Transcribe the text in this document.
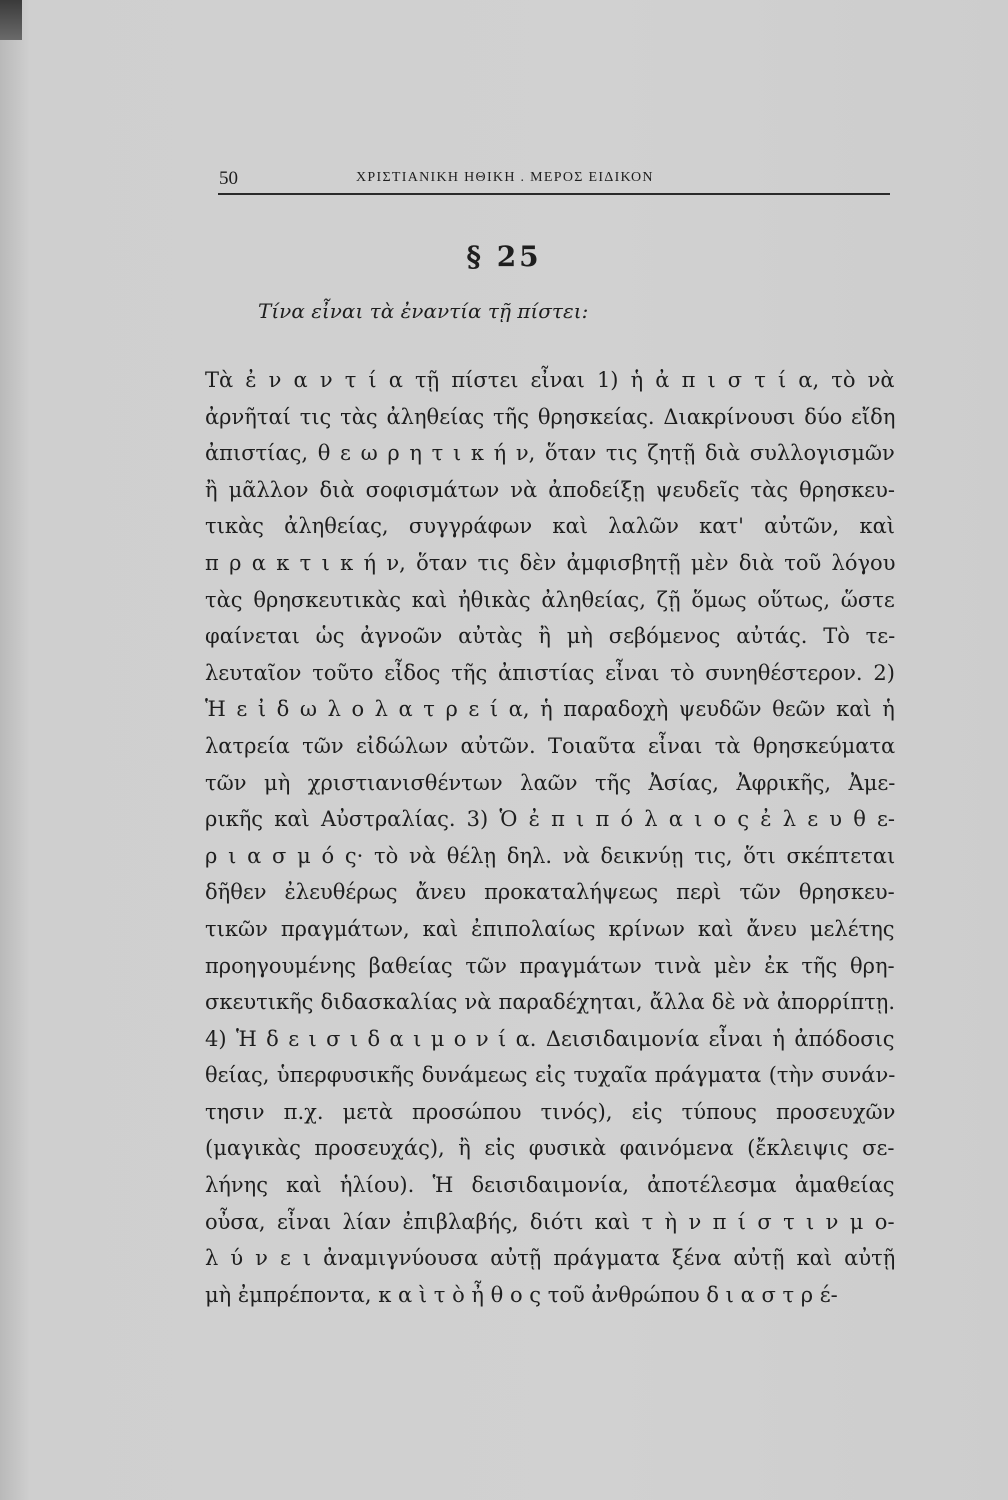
50	ΧΡΙΣΤΙΑΝΙΚΗ ΗΘΙΚΗ . ΜΕΡΟΣ ΕΙΔΙΚΟΝ
§ 25
Τίνα εἶναι τὰ ἐναντία τῇ πίστει:
Τὰ ἐ ν α ν τ ί α τῇ πίστει εἶναι 1) ἡ ἀ π ι σ τ ί α, τὸ νὰ
ἀρνῆταί τις τὰς ἀληθείας τῆς θρησκείας. Διακρίνουσι δύο εἴδη
ἀπιστίας, θ ε ω ρ η τ ι κ ή ν, ὅταν τις ζητῇ διὰ συλλογισμῶν
ἢ μᾶλλον διὰ σοφισμάτων νὰ ἀποδείξῃ ψευδεῖς τὰς θρησκευ-
τικὰς ἀληθείας, συγγράφων καὶ λαλῶν κατ' αὐτῶν, καὶ
π ρ α κ τ ι κ ή ν, ὅταν τις δὲν ἀμφισβητῇ μὲν διὰ τοῦ λόγου
τὰς θρησκευτικὰς καὶ ἠθικὰς ἀληθείας, ζῇ ὅμως οὕτως, ὥστε
φαίνεται ὡς ἀγνοῶν αὐτὰς ἢ μὴ σεβόμενος αὐτάς. Τὸ τε-
λευταῖον τοῦτο εἶδος τῆς ἀπιστίας εἶναι τὸ συνηθέστερον. 2)
Ἡ ε ἰ δ ω λ ο λ α τ ρ ε ί α, ἡ παραδοχὴ ψευδῶν θεῶν καὶ ἡ
λατρεία τῶν εἰδώλων αὐτῶν. Τοιαῦτα εἶναι τὰ θρησκεύματα
τῶν μὴ χριστιανισθέντων λαῶν τῆς Ἀσίας, Ἀφρικῆς, Ἀμε-
ρικῆς καὶ Αὐστραλίας. 3) Ὁ ἐ π ι π ό λ α ι ο ς ἐ λ ε υ θ ε-
ρ ι α σ μ ό ς· τὸ νὰ θέλῃ δηλ. νὰ δεικνύῃ τις, ὅτι σκέπτεται
δῆθεν ἐλευθέρως ἄνευ προκαταλήψεως περὶ τῶν θρησκευ-
τικῶν πραγμάτων, καὶ ἐπιπολαίως κρίνων καὶ ἄνευ μελέτης
προηγουμένης βαθείας τῶν πραγμάτων τινὰ μὲν ἐκ τῆς θρη-
σκευτικῆς διδασκαλίας νὰ παραδέχηται, ἄλλα δὲ νὰ ἀπορρίπτῃ.
4) Ἡ δ ε ι σ ι δ α ι μ ο ν ί α. Δεισιδαιμονία εἶναι ἡ ἀπόδοσις
θείας, ὑπερφυσικῆς δυνάμεως εἰς τυχαῖα πράγματα (τὴν συνάν-
τησιν π.χ. μετὰ προσώπου τινός), εἰς τύπους προσευχῶν
(μαγικὰς προσευχάς), ἢ εἰς φυσικὰ φαινόμενα (ἔκλειψις σε-
λήνης καὶ ἡλίου). Ἡ δεισιδαιμονία, ἀποτέλεσμα ἀμαθείας
οὖσα, εἶναι λίαν ἐπιβλαβής, διότι καὶ τ ὴ ν π ί σ τ ι ν μ ο-
λ ύ ν ε ι ἀναμιγνύουσα αὐτῇ πράγματα ξένα αὐτῇ καὶ αὐτῇ
μὴ ἐμπρέποντα, κ α ὶ τ ὸ ἦ θ ο ς τοῦ ἀνθρώπου δ ι α σ τ ρ έ-
